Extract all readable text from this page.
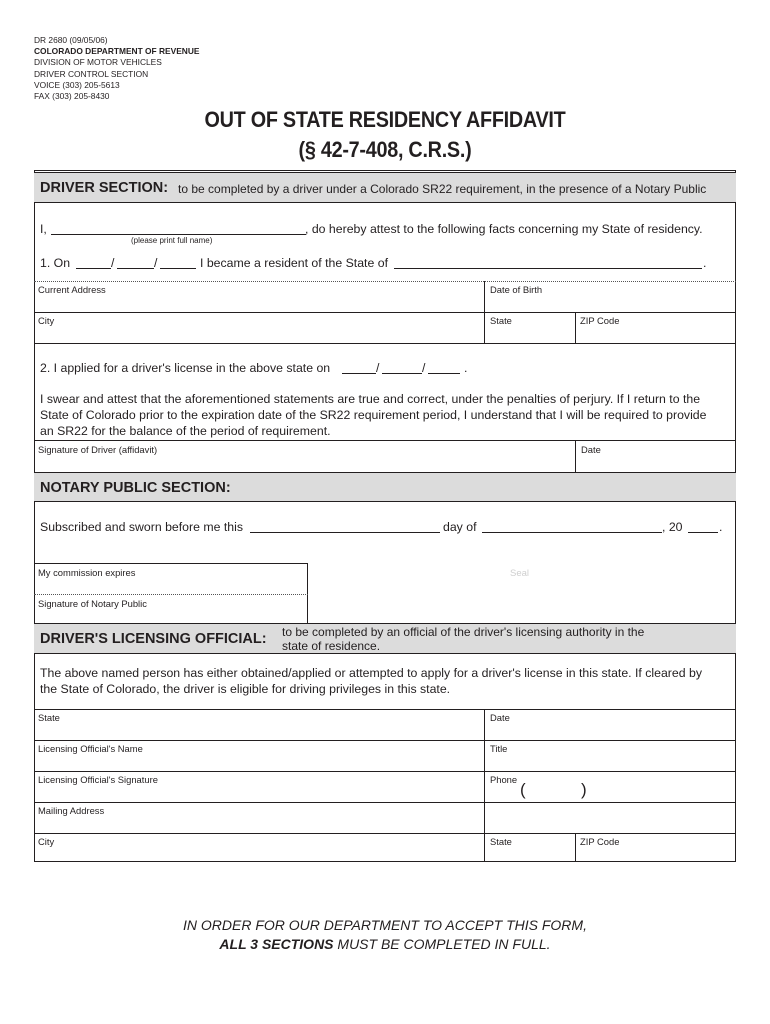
DR 2680 (09/05/06)
COLORADO DEPARTMENT OF REVENUE
DIVISION OF MOTOR VEHICLES
DRIVER CONTROL SECTION
VOICE (303) 205-5613
FAX (303) 205-8430
OUT OF STATE RESIDENCY AFFIDAVIT
(§ 42-7-408, C.R.S.)
DRIVER SECTION: to be completed by a driver under a Colorado SR22 requirement, in the presence of a Notary Public
I,	, do hereby attest to the following facts concerning my State of residency.
(please print full name)
1. On	/	/	I became a resident of the State of	.
Current Address	Date of Birth
City	State	ZIP Code
2. I applied for a driver's license in the above state on	/	/	.
I swear and attest that the aforementioned statements are true and correct, under the penalties of perjury. If I return to the
State of Colorado prior to the expiration date of the SR22 requirement period, I understand that I will be required to provide
an SR22 for the balance of the period of requirement.
Signature of Driver (affidavit)	Date
NOTARY PUBLIC SECTION:
Subscribed and sworn before me this	day of	, 20	.
My commission expires	Seal
Signature of Notary Public
DRIVER'S LICENSING OFFICIAL: to be completed by an official of the driver's licensing authority in the
state of residence.
The above named person has either obtained/applied or attempted to apply for a driver's license in this state. If cleared by
the State of Colorado, the driver is eligible for driving privileges in this state.
State	Date
Licensing Official's Name	Title
Licensing Official's Signature	Phone
(	)
Mailing Address
City	State	ZIP Code
IN ORDER FOR OUR DEPARTMENT TO ACCEPT THIS FORM,
ALL 3 SECTIONS MUST BE COMPLETED IN FULL.
